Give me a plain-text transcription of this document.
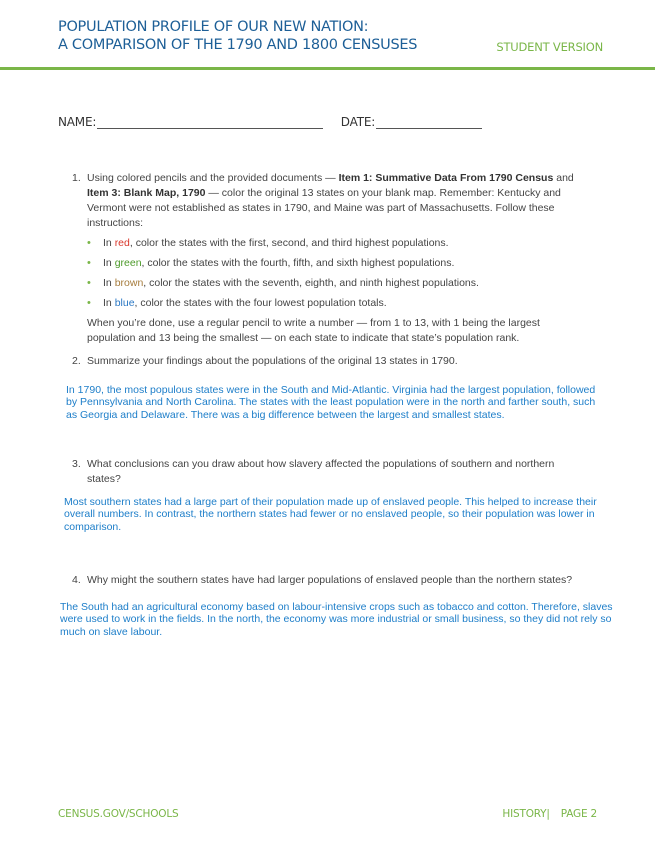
POPULATION PROFILE OF OUR NEW NATION:
A COMPARISON OF THE 1790 AND 1800 CENSUSES	STUDENT VERSION
NAME:
	DATE:
1. Using colored pencils and the provided documents — Item 1: Summative Data From 1790 Census and Item 3: Blank Map, 1790 — color the original 13 states on your blank map. Remember: Kentucky and Vermont were not established as states in 1790, and Maine was part of Massachusetts. Follow these instructions:
• In red, color the states with the first, second, and third highest populations.
• In green, color the states with the fourth, fifth, and sixth highest populations.
• In brown, color the states with the seventh, eighth, and ninth highest populations.
• In blue, color the states with the four lowest population totals.
When you’re done, use a regular pencil to write a number — from 1 to 13, with 1 being the largest population and 13 being the smallest — on each state to indicate that state’s population rank.
2. Summarize your findings about the populations of the original 13 states in 1790.
In 1790, the most populous states were in the South and Mid-Atlantic. Virginia had the largest population, followed by Pennsylvania and North Carolina. The states with the least population were in the north and farther south, such as Georgia and Delaware. There was a big difference between the largest and smallest states.
3. What conclusions can you draw about how slavery affected the populations of southern and northern states?
Most southern states had a large part of their population made up of enslaved people. This helped to increase their overall numbers. In contrast, the northern states had fewer or no enslaved people, so their population was lower in comparison.
4. Why might the southern states have had larger populations of enslaved people than the northern states?
The South had an agricultural economy based on labour-intensive crops such as tobacco and cotton. Therefore, slaves were used to work in the fields. In the north, the economy was more industrial or small business, so they did not rely so much on slave labour.
CENSUS.GOV/SCHOOLS	HISTORY| PAGE 2
